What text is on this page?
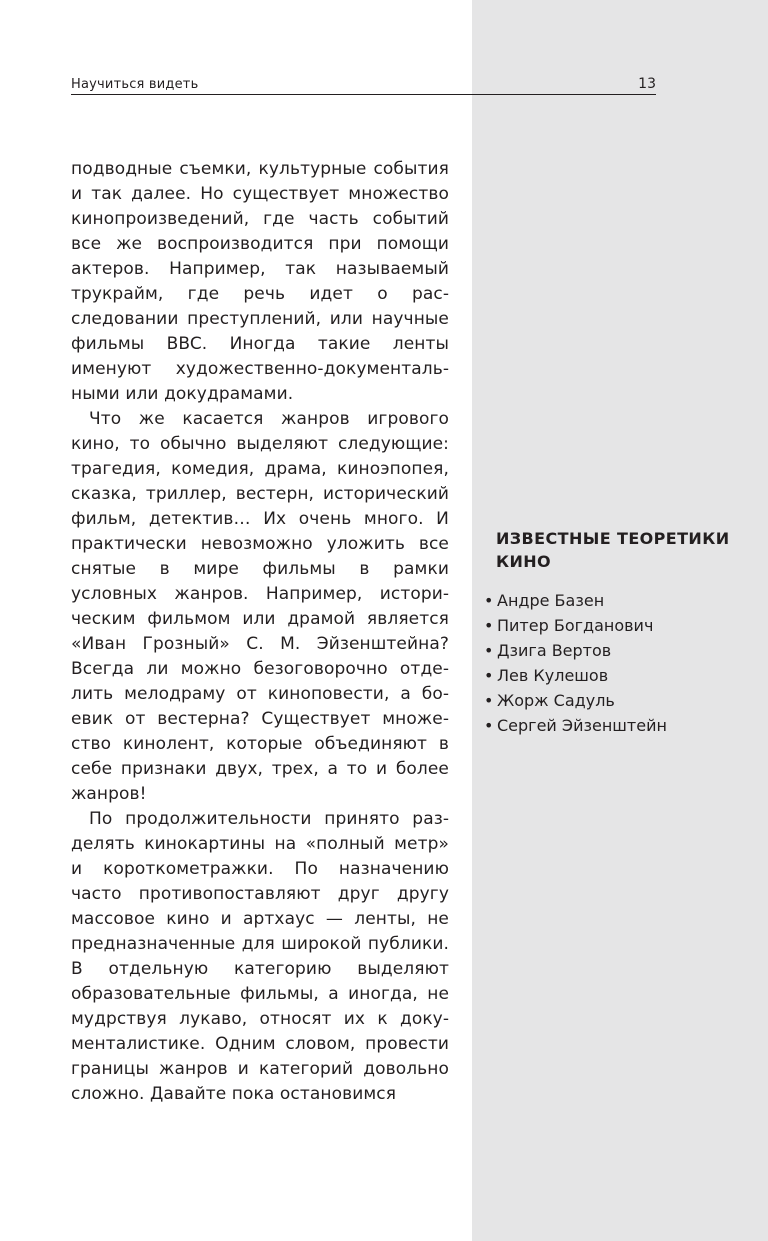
Научиться видеть	13

подводные съемки, культурные события и так далее. Но существует множество кинопроизведений, где часть событий все же воспроизводится при помощи актеров. Например, так называемый трукрайм, где речь идет о расследовании преступлений, или научные фильмы BBC. Иногда такие ленты именуют художественно-документальными или докудрамами.

Что же касается жанров игрового кино, то обычно выделяют следующие: трагедия, комедия, драма, киноэпопея, сказка, триллер, вестерн, исторический фильм, детектив… Их очень много. И практически невозможно уложить все снятые в мире фильмы в рамки условных жанров. Например, историческим фильмом или драмой является «Иван Грозный» С. М. Эйзенштейна? Всегда ли можно безоговорочно отделить мелодраму от киноповести, а боевик от вестерна? Существует множество кинолент, которые объединяют в себе признаки двух, трех, а то и более жанров!

По продолжительности принято разделять кинокартины на «полный метр» и короткометражки. По назначению часто противопоставляют друг другу массовое кино и артхаус — ленты, не предназначенные для широкой публики. В отдельную категорию выделяют образовательные фильмы, а иногда, не мудрствуя лукаво, относят их к документалистике. Одним словом, провести границы жанров и категорий довольно сложно. Давайте пока остановимся

ИЗВЕСТНЫЕ ТЕОРЕТИКИ КИНО
• Андре Базен
• Питер Богданович
• Дзига Вертов
• Лев Кулешов
• Жорж Садуль
• Сергей Эйзенштейн
